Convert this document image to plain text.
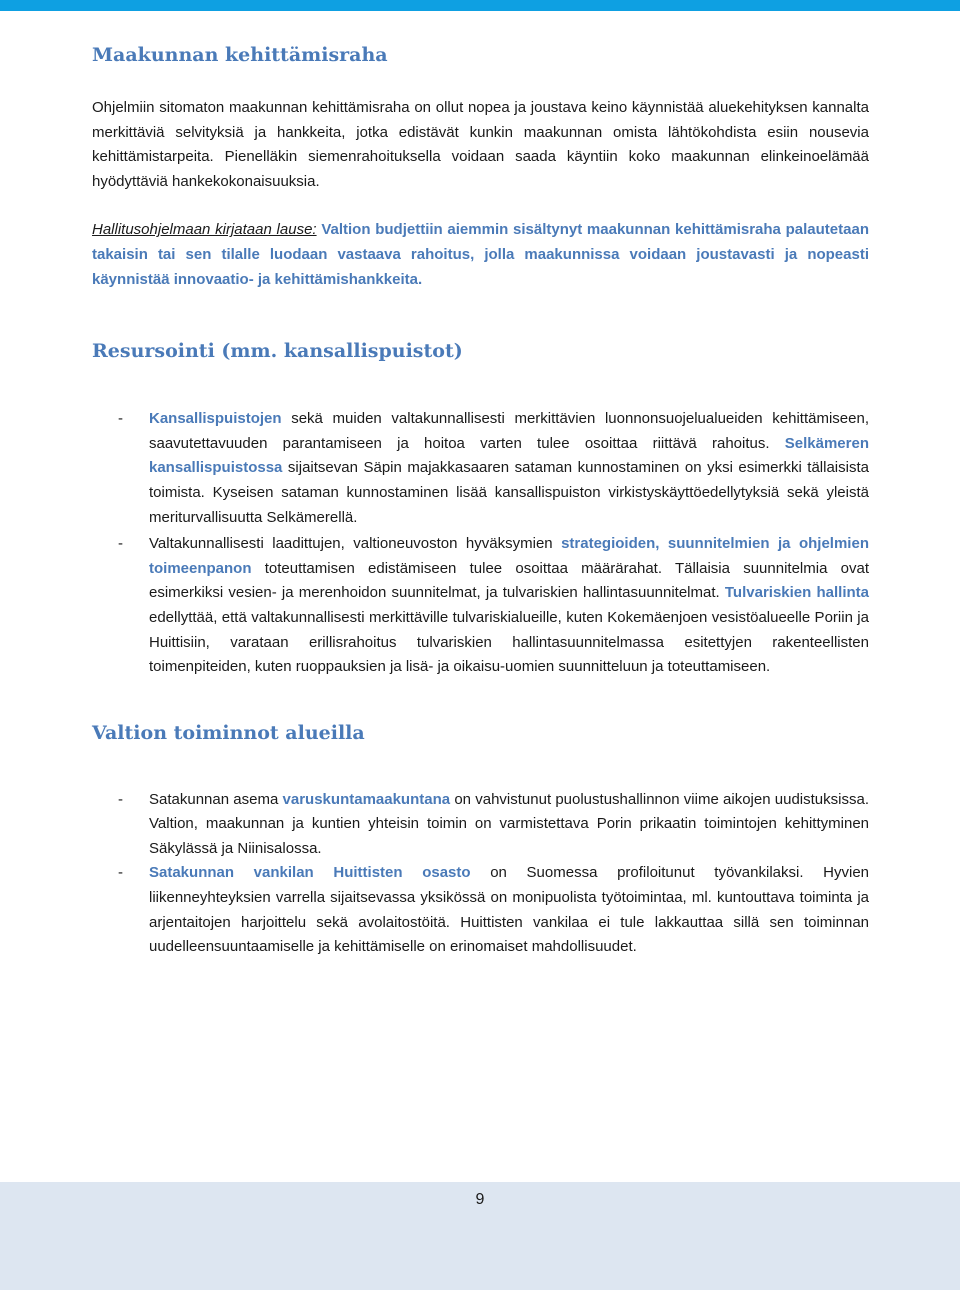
Maakunnan kehittämisraha

Ohjelmiin sitomaton maakunnan kehittämisraha on ollut nopea ja joustava keino käynnistää aluekehityksen kannalta merkittäviä selvityksiä ja hankkeita, jotka edistävät kunkin maakunnan omista lähtökohdista esiin nousevia kehittämistarpeita. Pienelläkin siemenrahoituksella voidaan saada käyntiin koko maakunnan elinkeinoelämää hyödyttäviä hankekokonaisuuksia.

Hallitusohjelmaan kirjataan lause: Valtion budjettiin aiemmin sisältynyt maakunnan kehittämisraha palautetaan takaisin tai sen tilalle luodaan vastaava rahoitus, jolla maakunnissa voidaan joustavasti ja nopeasti käynnistää innovaatio- ja kehittämishankkeita.

Resursointi (mm. kansallispuistot)
- Kansallispuistojen sekä muiden valtakunnallisesti merkittävien luonnonsuojelualueiden kehittämiseen, saavutettavuuden parantamiseen ja hoitoa varten tulee osoittaa riittävä rahoitus. Selkämeren kansallispuistossa sijaitsevan Säpin majakkasaaren sataman kunnostaminen on yksi esimerkki tällaisista toimista. Kyseisen sataman kunnostaminen lisää kansallispuiston virkistyskäyttöedellytyksiä sekä yleistä meriturvallisuutta Selkämerellä.
- Valtakunnallisesti laadittujen, valtioneuvoston hyväksymien strategioiden, suunnitelmien ja ohjelmien toimeenpanon toteuttamisen edistämiseen tulee osoittaa määrärahat. Tällaisia suunnitelmia ovat esimerkiksi vesien- ja merenhoidon suunnitelmat, ja tulvariskien hallintasuunnitelmat. Tulvariskien hallinta edellyttää, että valtakunnallisesti merkittäville tulvariskialueille, kuten Kokemäenjoen vesistöalueelle Poriin ja Huittisiin, varataan erillisrahoitus tulvariskien hallintasuunnitelmassa esitettyjen rakenteellisten toimenpiteiden, kuten ruoppauksien ja lisä- ja oikaisu-uomien suunnitteluun ja toteuttamiseen.
Valtion toiminnot alueilla
- Satakunnan asema varuskuntamaakuntana on vahvistunut puolustushallinnon viime aikojen uudistuksissa. Valtion, maakunnan ja kuntien yhteisin toimin on varmistettava Porin prikaatin toimintojen kehittyminen Säkylässä ja Niinisalossa.
- Satakunnan vankilan Huittisten osasto on Suomessa profiloitunut työvankilaksi. Hyvien liikenneyhteyksien varrella sijaitsevassa yksikössä on monipuolista työtoimintaa, ml. kuntouttava toiminta ja arjentaitojen harjoittelu sekä avolaitostöitä. Huittisten vankilaa ei tule lakkauttaa sillä sen toiminnan uudelleensuuntaamiselle ja kehittämiselle on erinomaiset mahdollisuudet.
9
